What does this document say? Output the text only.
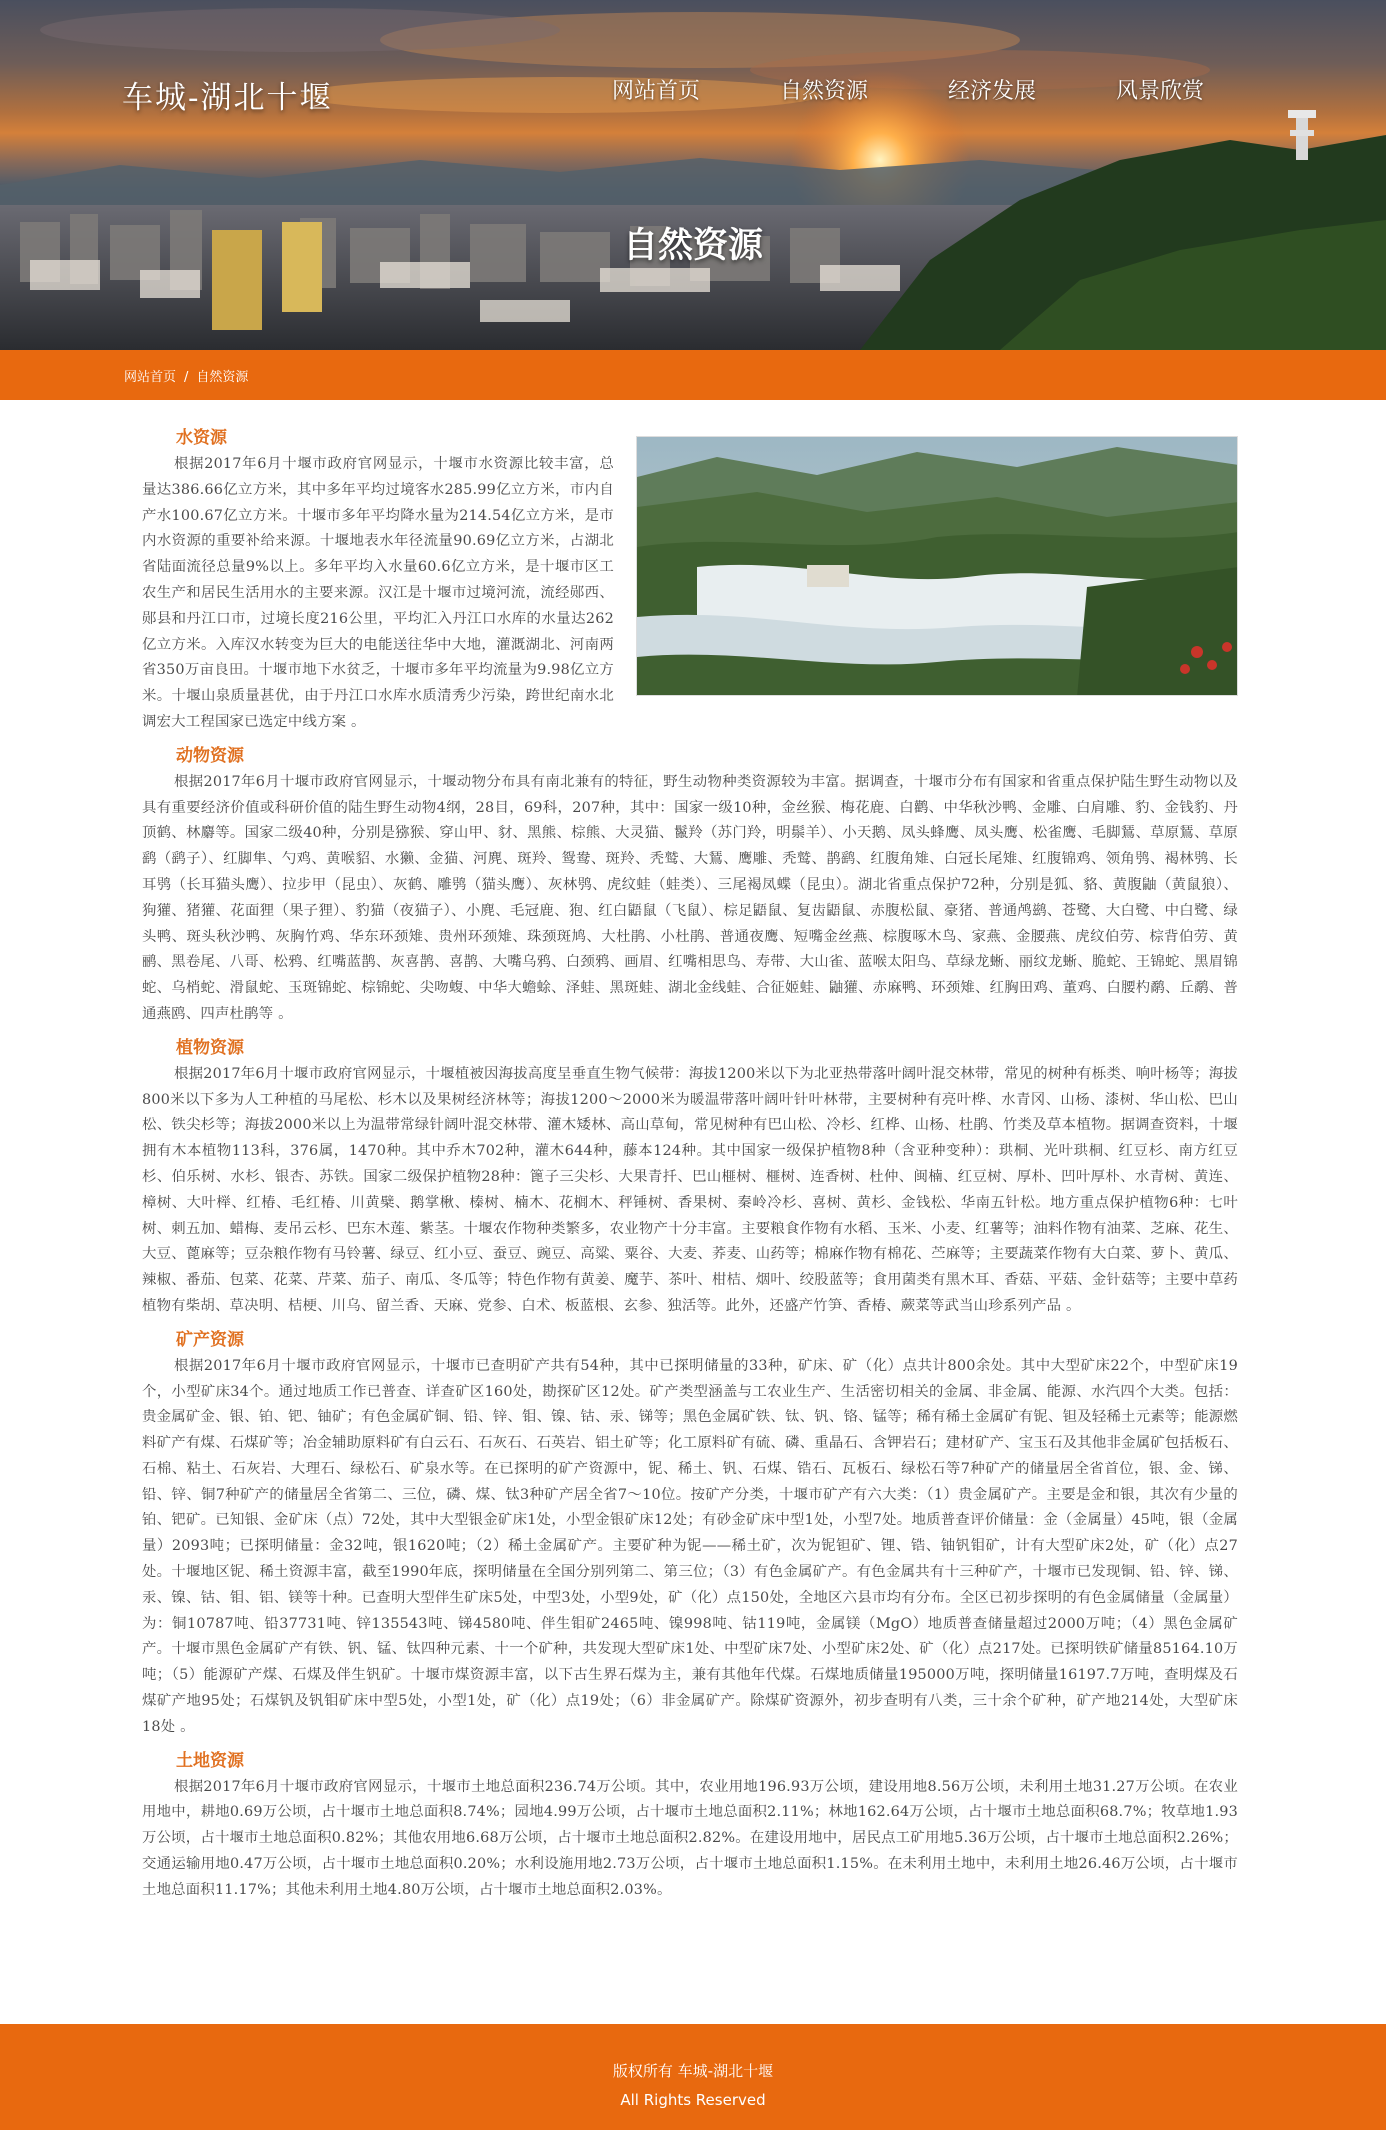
车城-湖北十堰	网站首页	自然资源	经济发展	风景欣赏
自然资源
网站首页 / 自然资源
水资源

根据2017年6月十堰市政府官网显示，十堰市水资源比较丰富，总量达386.66亿立方米，其中多年平均过境客水285.99亿立方米，市内自产水100.67亿立方米。十堰市多年平均降水量为214.54亿立方米，是市内水资源的重要补给来源。十堰地表水年径流量90.69亿立方米，占湖北省陆面流径总量9%以上。多年平均入水量60.6亿立方米，是十堰市区工农生产和居民生活用水的主要来源。汉江是十堰市过境河流，流经郧西、郧县和丹江口市，过境长度216公里，平均汇入丹江口水库的水量达262亿立方米。入库汉水转变为巨大的电能送往华中大地，灌溉湖北、河南两省350万亩良田。十堰市地下水贫乏，十堰市多年平均流量为9.98亿立方米。十堰山泉质量甚优，由于丹江口水库水质清秀少污染，跨世纪南水北调宏大工程国家已选定中线方案 。

动物资源

根据2017年6月十堰市政府官网显示，十堰动物分布具有南北兼有的特征，野生动物种类资源较为丰富。据调查，十堰市分布有国家和省重点保护陆生野生动物以及具有重要经济价值或科研价值的陆生野生动物4纲，28目，69科，207种，其中：国家一级10种，金丝猴、梅花鹿、白鹳、中华秋沙鸭、金雕、白肩雕、豹、金钱豹、丹顶鹤、林麝等。国家二级40种，分别是猕猴、穿山甲、豺、黑熊、棕熊、大灵猫、鬣羚（苏门羚，明鬃羊）、小天鹅、凤头蜂鹰、凤头鹰、松雀鹰、毛脚鵟、草原鵟、草原鹞（鹞子）、红脚隼、勺鸡、黄喉貂、水獭、金猫、河麂、斑羚、鸳鸯、斑羚、秃鹫、大鵟、鹰雕、秃鹫、鹊鹞、红腹角雉、白冠长尾雉、红腹锦鸡、领角鸮、褐林鸮、长耳鸮（长耳猫头鹰）、拉步甲（昆虫）、灰鹤、雕鸮（猫头鹰）、灰林鸮、虎纹蛙（蛙类）、三尾褐凤蝶（昆虫）。湖北省重点保护72种，分别是狐、貉、黄腹鼬（黄鼠狼）、狗獾、猪獾、花面狸（果子狸）、豹猫（夜猫子）、小麂、毛冠鹿、狍、红白鼯鼠（飞鼠）、棕足鼯鼠、复齿鼯鼠、赤腹松鼠、豪猪、普通鸬鹚、苍鹭、大白鹭、中白鹭、绿头鸭、斑头秋沙鸭、灰胸竹鸡、华东环颈雉、贵州环颈雉、珠颈斑鸠、大杜鹃、小杜鹃、普通夜鹰、短嘴金丝燕、棕腹啄木鸟、家燕、金腰燕、虎纹伯劳、棕背伯劳、黄鹂、黑卷尾、八哥、松鸦、红嘴蓝鹊、灰喜鹊、喜鹊、大嘴乌鸦、白颈鸦、画眉、红嘴相思鸟、寿带、大山雀、蓝喉太阳鸟、草绿龙蜥、丽纹龙蜥、脆蛇、王锦蛇、黑眉锦蛇、乌梢蛇、滑鼠蛇、玉斑锦蛇、棕锦蛇、尖吻蝮、中华大蟾蜍、泽蛙、黑斑蛙、湖北金线蛙、合征姬蛙、鼬獾、赤麻鸭、环颈雉、红胸田鸡、董鸡、白腰杓鹬、丘鹬、普通燕鸥、四声杜鹃等 。

植物资源

根据2017年6月十堰市政府官网显示，十堰植被因海拔高度呈垂直生物气候带：海拔1200米以下为北亚热带落叶阔叶混交林带，常见的树种有栎类、响叶杨等；海拔800米以下多为人工种植的马尾松、杉木以及果树经济林等；海拔1200～2000米为暖温带落叶阔叶针叶林带，主要树种有亮叶桦、水青冈、山杨、漆树、华山松、巴山松、铁尖杉等；海拔2000米以上为温带常绿针阔叶混交林带、灌木矮林、高山草甸，常见树种有巴山松、冷杉、红桦、山杨、杜鹃、竹类及草本植物。据调查资料，十堰拥有木本植物113科，376属，1470种。其中乔木702种，灌木644种，藤本124种。其中国家一级保护植物8种（含亚种变种）：珙桐、光叶珙桐、红豆杉、南方红豆杉、伯乐树、水杉、银杏、苏铁。国家二级保护植物28种：篦子三尖杉、大果青扦、巴山榧树、榧树、连香树、杜仲、闽楠、红豆树、厚朴、凹叶厚朴、水青树、黄连、樟树、大叶榉、红椿、毛红椿、川黄檗、鹅掌楸、榛树、楠木、花榈木、秤锤树、香果树、秦岭冷杉、喜树、黄杉、金钱松、华南五针松。地方重点保护植物6种：七叶树、刺五加、蜡梅、麦吊云杉、巴东木莲、紫茎。十堰农作物种类繁多，农业物产十分丰富。主要粮食作物有水稻、玉米、小麦、红薯等；油料作物有油菜、芝麻、花生、大豆、蓖麻等；豆杂粮作物有马铃薯、绿豆、红小豆、蚕豆、豌豆、高粱、粟谷、大麦、荞麦、山药等；棉麻作物有棉花、苎麻等；主要蔬菜作物有大白菜、萝卜、黄瓜、辣椒、番茄、包菜、花菜、芹菜、茄子、南瓜、冬瓜等；特色作物有黄姜、魔芋、茶叶、柑桔、烟叶、绞股蓝等；食用菌类有黑木耳、香菇、平菇、金针菇等；主要中草药植物有柴胡、草决明、桔梗、川乌、留兰香、天麻、党参、白术、板蓝根、玄参、独活等。此外，还盛产竹笋、香椿、蕨菜等武当山珍系列产品 。

矿产资源

根据2017年6月十堰市政府官网显示，十堰市已查明矿产共有54种，其中已探明储量的33种，矿床、矿（化）点共计800余处。其中大型矿床22个，中型矿床19个，小型矿床34个。通过地质工作已普查、详查矿区160处，勘探矿区12处。矿产类型涵盖与工农业生产、生活密切相关的金属、非金属、能源、水汽四个大类。包括：贵金属矿金、银、铂、钯、铀矿；有色金属矿铜、铅、锌、钼、镍、钴、汞、锑等；黑色金属矿铁、钛、钒、铬、锰等；稀有稀土金属矿有铌、钽及轻稀土元素等；能源燃料矿产有煤、石煤矿等；冶金辅助原料矿有白云石、石灰石、石英岩、铝土矿等；化工原料矿有硫、磷、重晶石、含钾岩石；建材矿产、宝玉石及其他非金属矿包括板石、石棉、粘土、石灰岩、大理石、绿松石、矿泉水等。在已探明的矿产资源中，铌、稀土、钒、石煤、锆石、瓦板石、绿松石等7种矿产的储量居全省首位，银、金、锑、铅、锌、铜7种矿产的储量居全省第二、三位，磷、煤、钛3种矿产居全省7～10位。按矿产分类，十堰市矿产有六大类：（1）贵金属矿产。主要是金和银，其次有少量的铂、钯矿。已知银、金矿床（点）72处，其中大型银金矿床1处，小型金银矿床12处；有砂金矿床中型1处，小型7处。地质普查评价储量：金（金属量）45吨，银（金属量）2093吨；已探明储量：金32吨，银1620吨；（2）稀土金属矿产。主要矿种为铌——稀土矿，次为铌钽矿、锂、锆、铀钒钼矿，计有大型矿床2处，矿（化）点27处。十堰地区铌、稀土资源丰富，截至1990年底，探明储量在全国分别列第二、第三位；（3）有色金属矿产。有色金属共有十三种矿产，十堰市已发现铜、铅、锌、锑、汞、镍、钴、钼、铝、镁等十种。已查明大型伴生矿床5处，中型3处，小型9处，矿（化）点150处，全地区六县市均有分布。全区已初步探明的有色金属储量（金属量）为：铜10787吨、铅37731吨、锌135543吨、锑4580吨、伴生钼矿2465吨、镍998吨、钴119吨，金属镁（MgO）地质普查储量超过2000万吨；（4）黑色金属矿产。十堰市黑色金属矿产有铁、钒、锰、钛四种元素、十一个矿种，共发现大型矿床1处、中型矿床7处、小型矿床2处、矿（化）点217处。已探明铁矿储量85164.10万吨；（5）能源矿产煤、石煤及伴生钒矿。十堰市煤资源丰富，以下古生界石煤为主，兼有其他年代煤。石煤地质储量195000万吨，探明储量16197.7万吨，查明煤及石煤矿产地95处；石煤钒及钒钼矿床中型5处，小型1处，矿（化）点19处；（6）非金属矿产。除煤矿资源外，初步查明有八类，三十余个矿种，矿产地214处，大型矿床18处 。

土地资源

根据2017年6月十堰市政府官网显示，十堰市土地总面积236.74万公顷。其中，农业用地196.93万公顷，建设用地8.56万公顷，未利用土地31.27万公顷。在农业用地中，耕地0.69万公顷，占十堰市土地总面积8.74%；园地4.99万公顷，占十堰市土地总面积2.11%；林地162.64万公顷，占十堰市土地总面积68.7%；牧草地1.93万公顷，占十堰市土地总面积0.82%；其他农用地6.68万公顷，占十堰市土地总面积2.82%。在建设用地中，居民点工矿用地5.36万公顷，占十堰市土地总面积2.26%；交通运输用地0.47万公顷，占十堰市土地总面积0.20%；水利设施用地2.73万公顷，占十堰市土地总面积1.15%。在未利用土地中，未利用土地26.46万公顷，占十堰市土地总面积11.17%；其他未利用土地4.80万公顷，占十堰市土地总面积2.03%。

版权所有 车城-湖北十堰
All Rights Reserved
